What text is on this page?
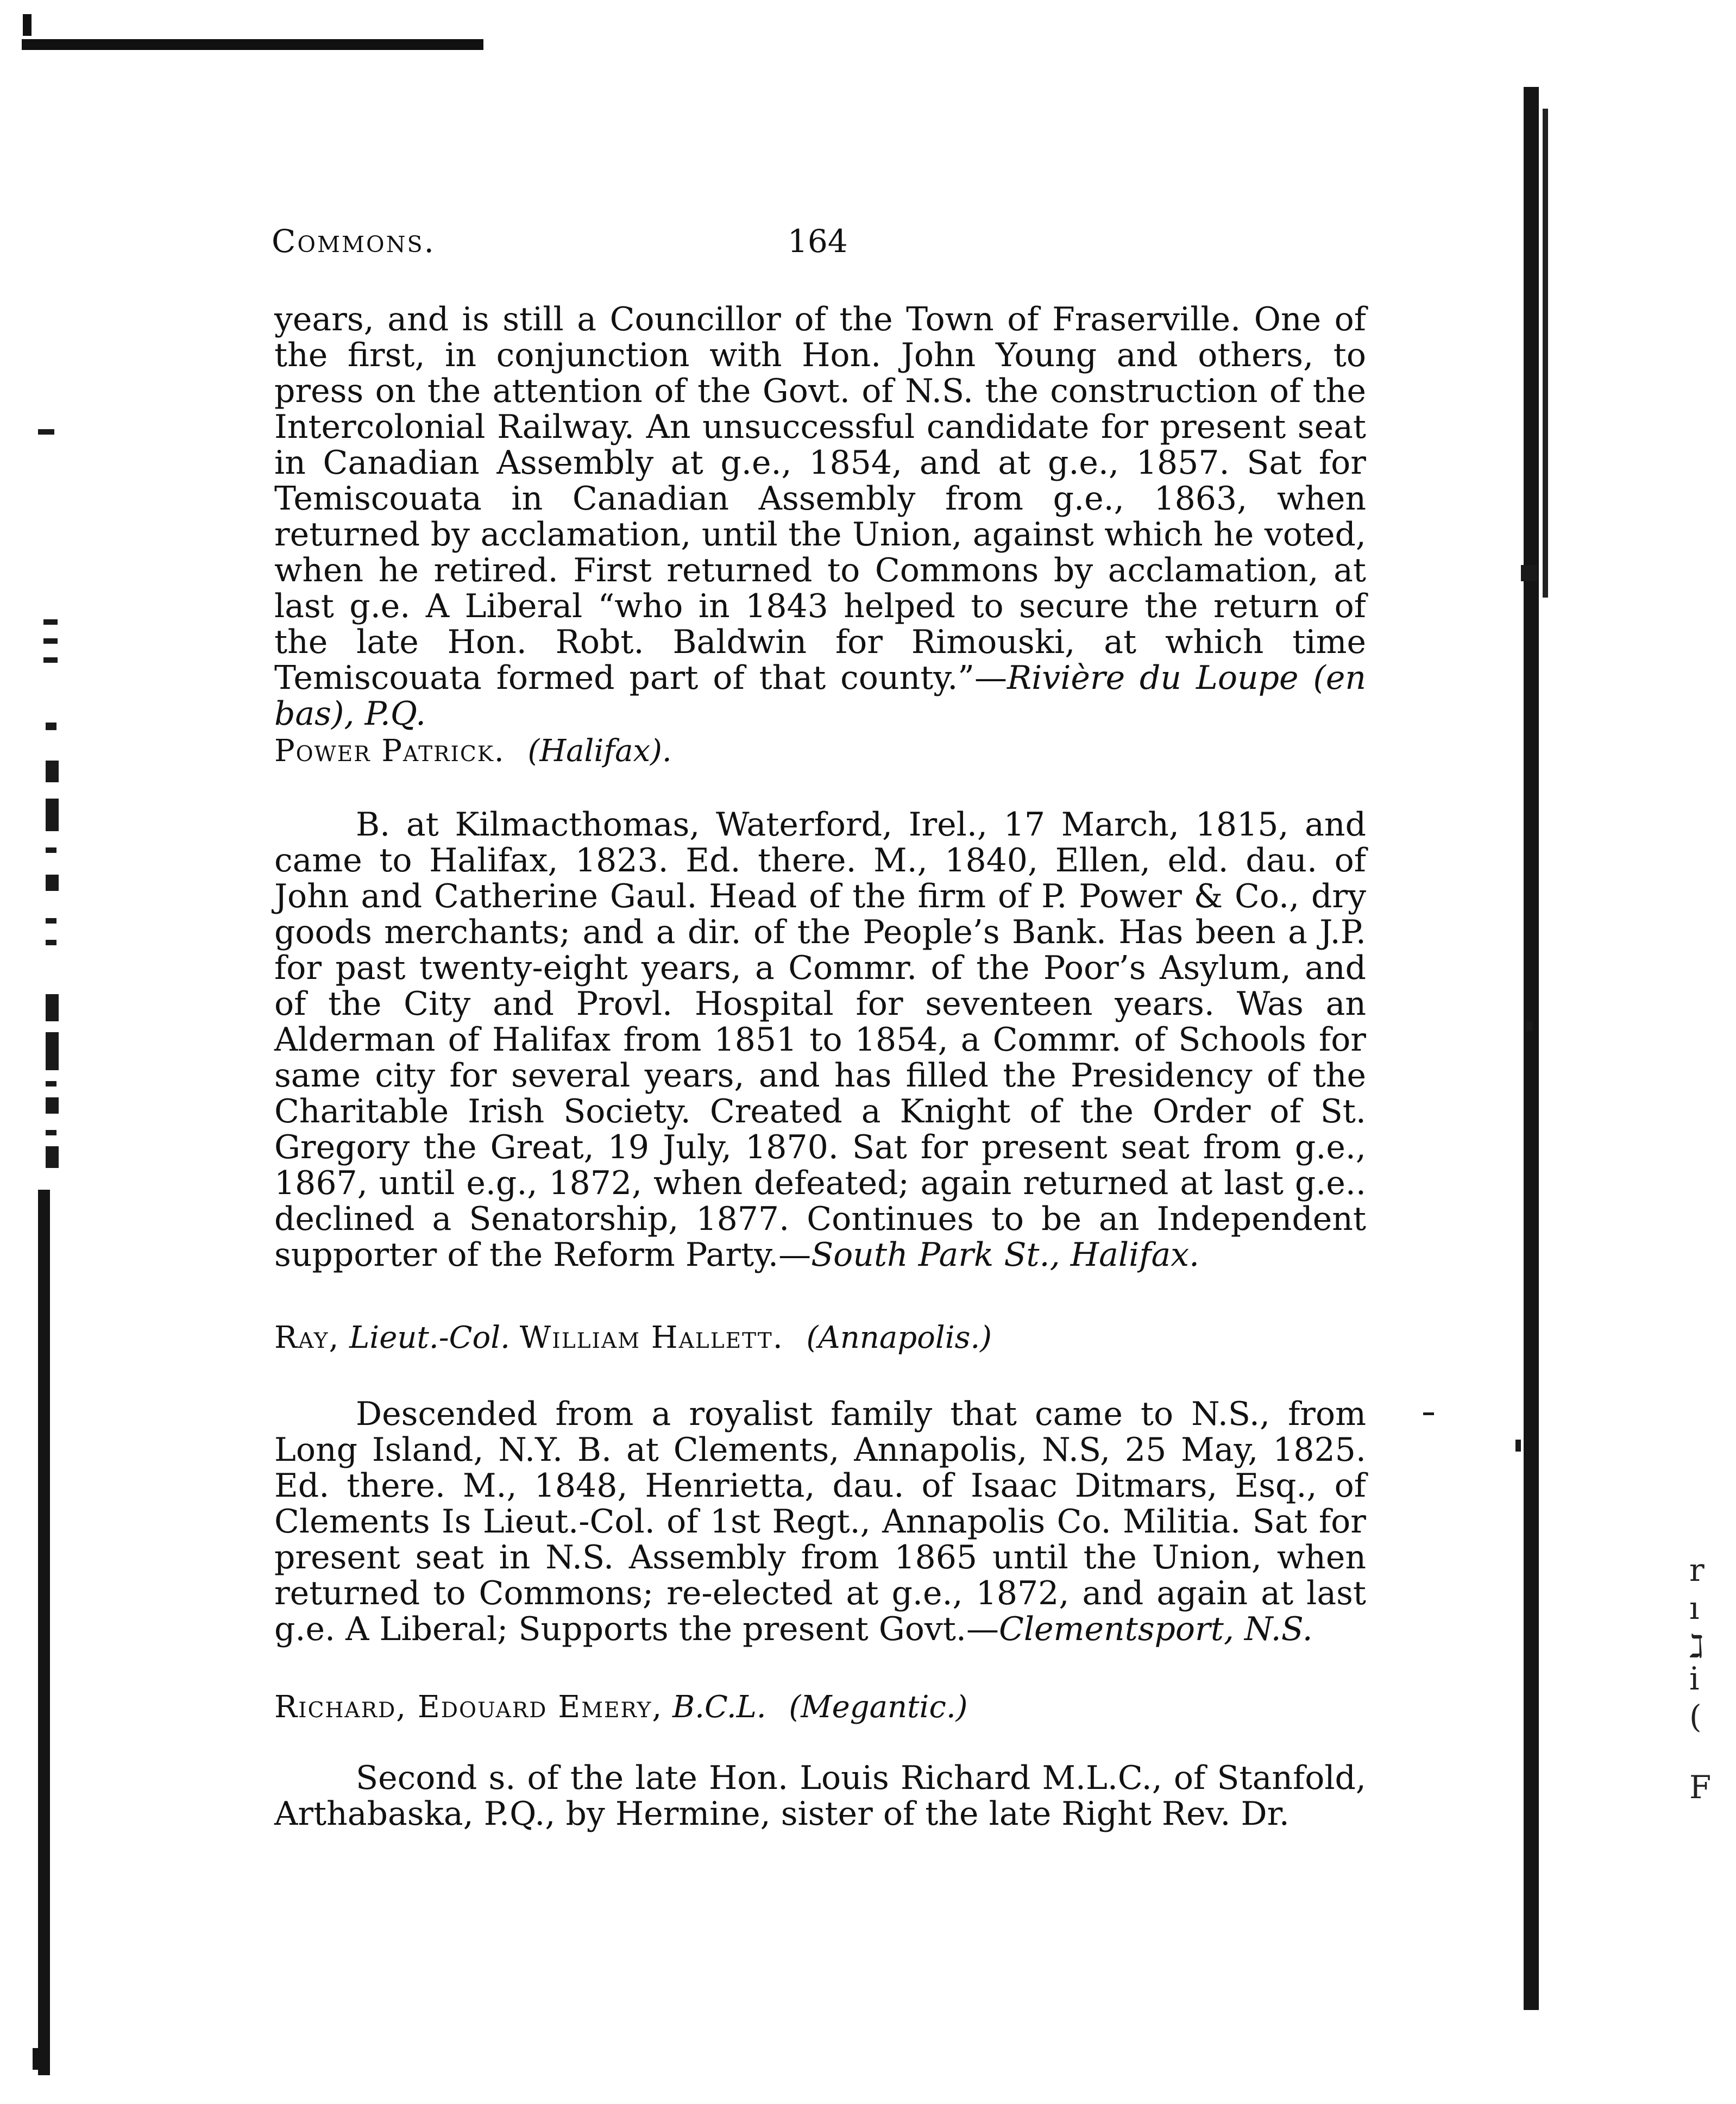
Commons.	164

years, and is still a Councillor of the Town of Fraserville. One of the first, in conjunction with Hon. John Young and others, to press on the attention of the Govt. of N.S. the construction of the Intercolonial Railway. An unsuccessful candidate for present seat in Canadian Assembly at g.e., 1854, and at g.e., 1857. Sat for Temiscouata in Canadian Assembly from g.e., 1863, when returned by acclamation, until the Union, against which he voted, when he retired. First returned to Commons by acclamation, at last g.e. A Liberal “who in 1843 helped to secure the return of the late Hon. Robt. Baldwin for Rimouski, at which time Temiscouata formed part of that county.”—Rivière du Loupe (en bas), P.Q.

Power Patrick. (Halifax).

B. at Kilmacthomas, Waterford, Irel., 17 March, 1815, and came to Halifax, 1823. Ed. there. M., 1840, Ellen, eld. dau. of John and Catherine Gaul. Head of the firm of P. Power & Co., dry goods merchants; and a dir. of the People’s Bank. Has been a J.P. for past twenty-eight years, a Commr. of the Poor’s Asylum, and of the City and Provl. Hospital for seventeen years. Was an Alderman of Halifax from 1851 to 1854, a Commr. of Schools for same city for several years, and has filled the Presidency of the Charitable Irish Society. Created a Knight of the Order of St. Gregory the Great, 19 July, 1870. Sat for present seat from g.e., 1867, until e.g., 1872, when defeated; again returned at last g.e.. declined a Senatorship, 1877. Continues to be an Independent supporter of the Reform Party.—South Park St., Halifax.

Ray, Lieut.-Col. William Hallett. (Annapolis.)

Descended from a royalist family that came to N.S., from Long Island, N.Y. B. at Clements, Annapolis, N.S, 25 May, 1825. Ed. there. M., 1848, Henrietta, dau. of Isaac Ditmars, Esq., of Clements Is Lieut.-Col. of 1st Regt., Annapolis Co. Militia. Sat for present seat in N.S. Assembly from 1865 until the Union, when returned to Commons; re-elected at g.e., 1872, and again at last g.e. A Liberal; Supports the present Govt.—Clementsport, N.S.

Richard, Edouard Emery, B.C.L. (Megantic.)

Second s. of the late Hon. Louis Richard M.L.C., of Stanfold, Arthabaska, P.Q., by Hermine, sister of the late Right Rev. Dr.

r
ı
ℷ
i
(
F
